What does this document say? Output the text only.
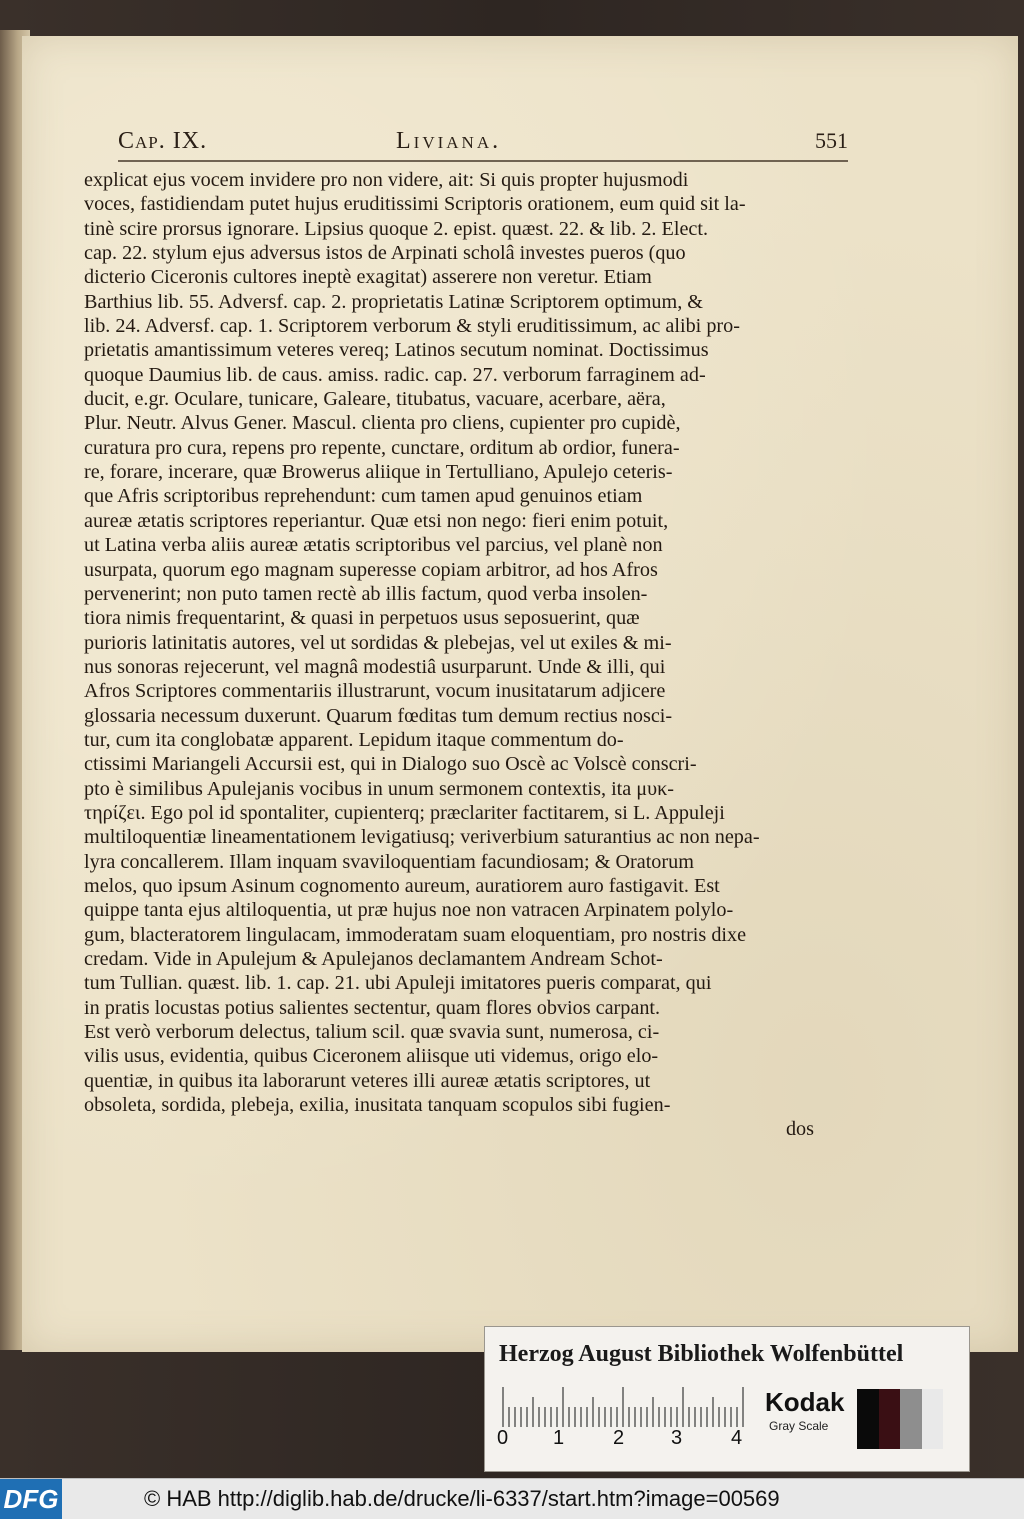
Cap. IX.	Liviana.	551
explicat ejus vocem invidere pro non videre, ait: Si quis propter hujusmodi
voces, fastidiendam putet hujus eruditissimi Scriptoris orationem, eum quid sit la-
tinè scire prorsus ignorare. Lipsius quoque 2. epist. quæst. 22. & lib. 2. Elect.
cap. 22. stylum ejus adversus istos de Arpinati scholâ investes pueros (quo
dicterio Ciceronis cultores ineptè exagitat) asserere non veretur. Etiam
Barthius lib. 55. Adversf. cap. 2. proprietatis Latinæ Scriptorem optimum, &
lib. 24. Adversf. cap. 1. Scriptorem verborum & styli eruditissimum, ac alibi pro-
prietatis amantissimum veteres vereq; Latinos secutum nominat. Doctissimus
quoque Daumius lib. de caus. amiss. radic. cap. 27. verborum farraginem ad-
ducit, e.gr. Oculare, tunicare, Galeare, titubatus, vacuare, acerbare, aëra,
Plur. Neutr. Alvus Gener. Mascul. clienta pro cliens, cupienter pro cupidè,
curatura pro cura, repens pro repente, cunctare, orditum ab ordior, funera-
re, forare, incerare, quæ Browerus aliique in Tertulliano, Apulejo ceteris-
que Afris scriptoribus reprehendunt: cum tamen apud genuinos etiam
aureæ ætatis scriptores reperiantur. Quæ etsi non nego: fieri enim potuit,
ut Latina verba aliis aureæ ætatis scriptoribus vel parcius, vel planè non
usurpata, quorum ego magnam superesse copiam arbitror, ad hos Afros
pervenerint; non puto tamen rectè ab illis factum, quod verba insolen-
tiora nimis frequentarint, & quasi in perpetuos usus seposuerint, quæ
purioris latinitatis autores, vel ut sordidas & plebejas, vel ut exiles & mi-
nus sonoras rejecerunt, vel magnâ modestiâ usurparunt. Unde & illi, qui
Afros Scriptores commentariis illustrarunt, vocum inusitatarum adjicere
glossaria necessum duxerunt. Quarum fœditas tum demum rectius nosci-
tur, cum ita conglobatæ apparent. Lepidum itaque commentum do-
ctissimi Mariangeli Accursii est, qui in Dialogo suo Oscè ac Volscè conscri-
pto è similibus Apulejanis vocibus in unum sermonem contextis, ita μυκ-
τηρίζει. Ego pol id spontaliter, cupienterq; præclariter factitarem, si L. Appuleji
multiloquentiæ lineamentationem levigatiusq; veriverbium saturantius ac non nepa-
lyra concallerem. Illam inquam svaviloquentiam facundiosam; & Oratorum
melos, quo ipsum Asinum cognomento aureum, auratiorem auro fastigavit. Est
quippe tanta ejus altiloquentia, ut præ hujus noe non vatracen Arpinatem polylo-
gum, blacteratorem lingulacam, immoderatam suam eloquentiam, pro nostris dixe
credam. Vide in Apulejum & Apulejanos declamantem Andream Schot-
tum Tullian. quæst. lib. 1. cap. 21. ubi Apuleji imitatores pueris comparat, qui
in pratis locustas potius salientes sectentur, quam flores obvios carpant.
Est verò verborum delectus, talium scil. quæ svavia sunt, numerosa, ci-
vilis usus, evidentia, quibus Ciceronem aliisque uti videmus, origo elo-
quentiæ, in quibus ita laborarunt veteres illi aureæ ætatis scriptores, ut
obsoleta, sordida, plebeja, exilia, inusitata tanquam scopulos sibi fugien-
dos
Herzog August Bibliothek Wolfenbüttel
0 1 2 3 4
Kodak
Gray Scale
DFG	© HAB http://diglib.hab.de/drucke/li-6337/start.htm?image=00569
